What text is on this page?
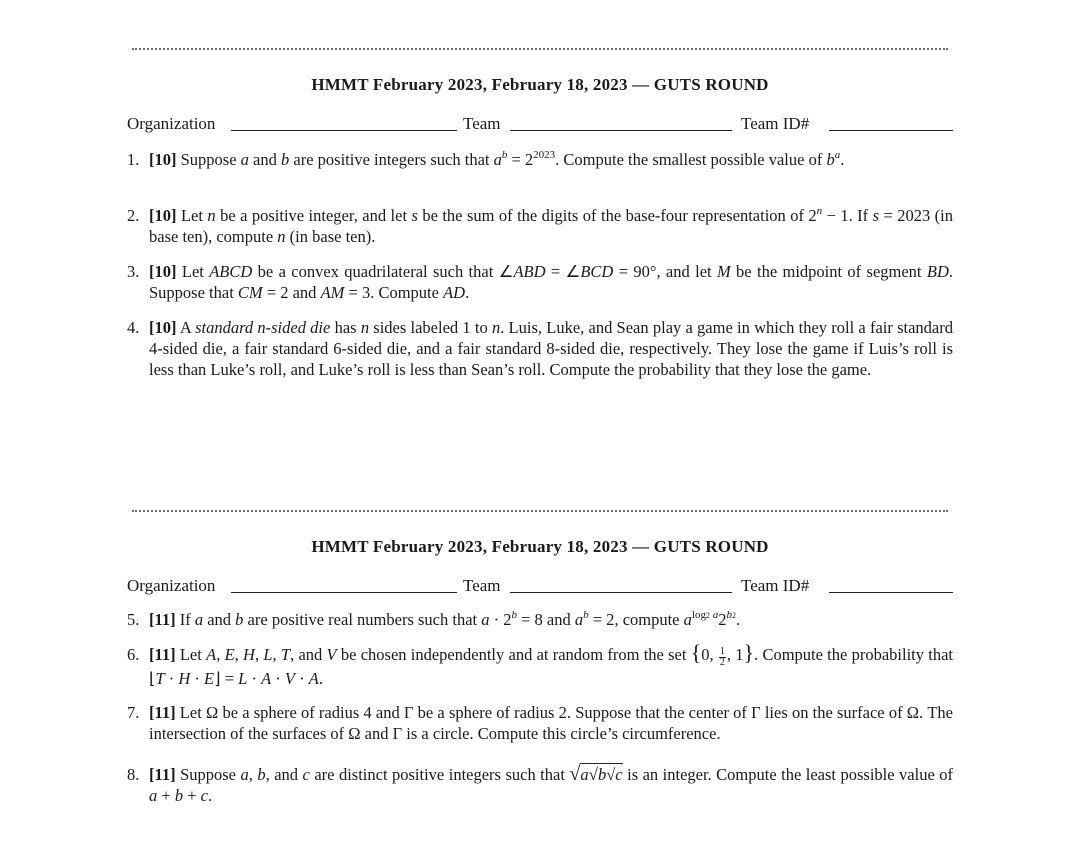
HMMT February 2023, February 18, 2023 — GUTS ROUND
Organization	Team	Team ID#
1. [10] Suppose a and b are positive integers such that $a^b = 2^{2023}$. Compute the smallest possible value of $b^a$.
2. [10] Let n be a positive integer, and let s be the sum of the digits of the base-four representation of $2^n - 1$. If s = 2023 (in base ten), compute n (in base ten).
3. [10] Let ABCD be a convex quadrilateral such that ∠ABD = ∠BCD = 90°, and let M be the midpoint of segment BD. Suppose that CM = 2 and AM = 3. Compute AD.
4. [10] A standard n-sided die has n sides labeled 1 to n. Luis, Luke, and Sean play a game in which they roll a fair standard 4-sided die, a fair standard 6-sided die, and a fair standard 8-sided die, respectively. They lose the game if Luis’s roll is less than Luke’s roll, and Luke’s roll is less than Sean’s roll. Compute the probability that they lose the game.
HMMT February 2023, February 18, 2023 — GUTS ROUND
Organization	Team	Team ID#
5. [11] If a and b are positive real numbers such that $a \cdot 2^b = 8$ and $a^b = 2$, compute $a^{log2 a}2^{b2}$.
6. [11] Let A, E, H, L, T, and V be chosen independently and at random from the set {0, $\frac{1}{2}$ , 1}. Compute the probability that ⌊T · H · E⌋ = L · A · V · A.
7. [11] Let Ω be a sphere of radius 4 and Γ be a sphere of radius 2. Suppose that the center of Γ lies on the surface of Ω. The intersection of the surfaces of Ω and Γ is a circle. Compute this circle’s circumference.
8. [11] Suppose a, b, and c are distinct positive integers such that √a√b√c is an integer. Compute the least possible value of a + b + c.
